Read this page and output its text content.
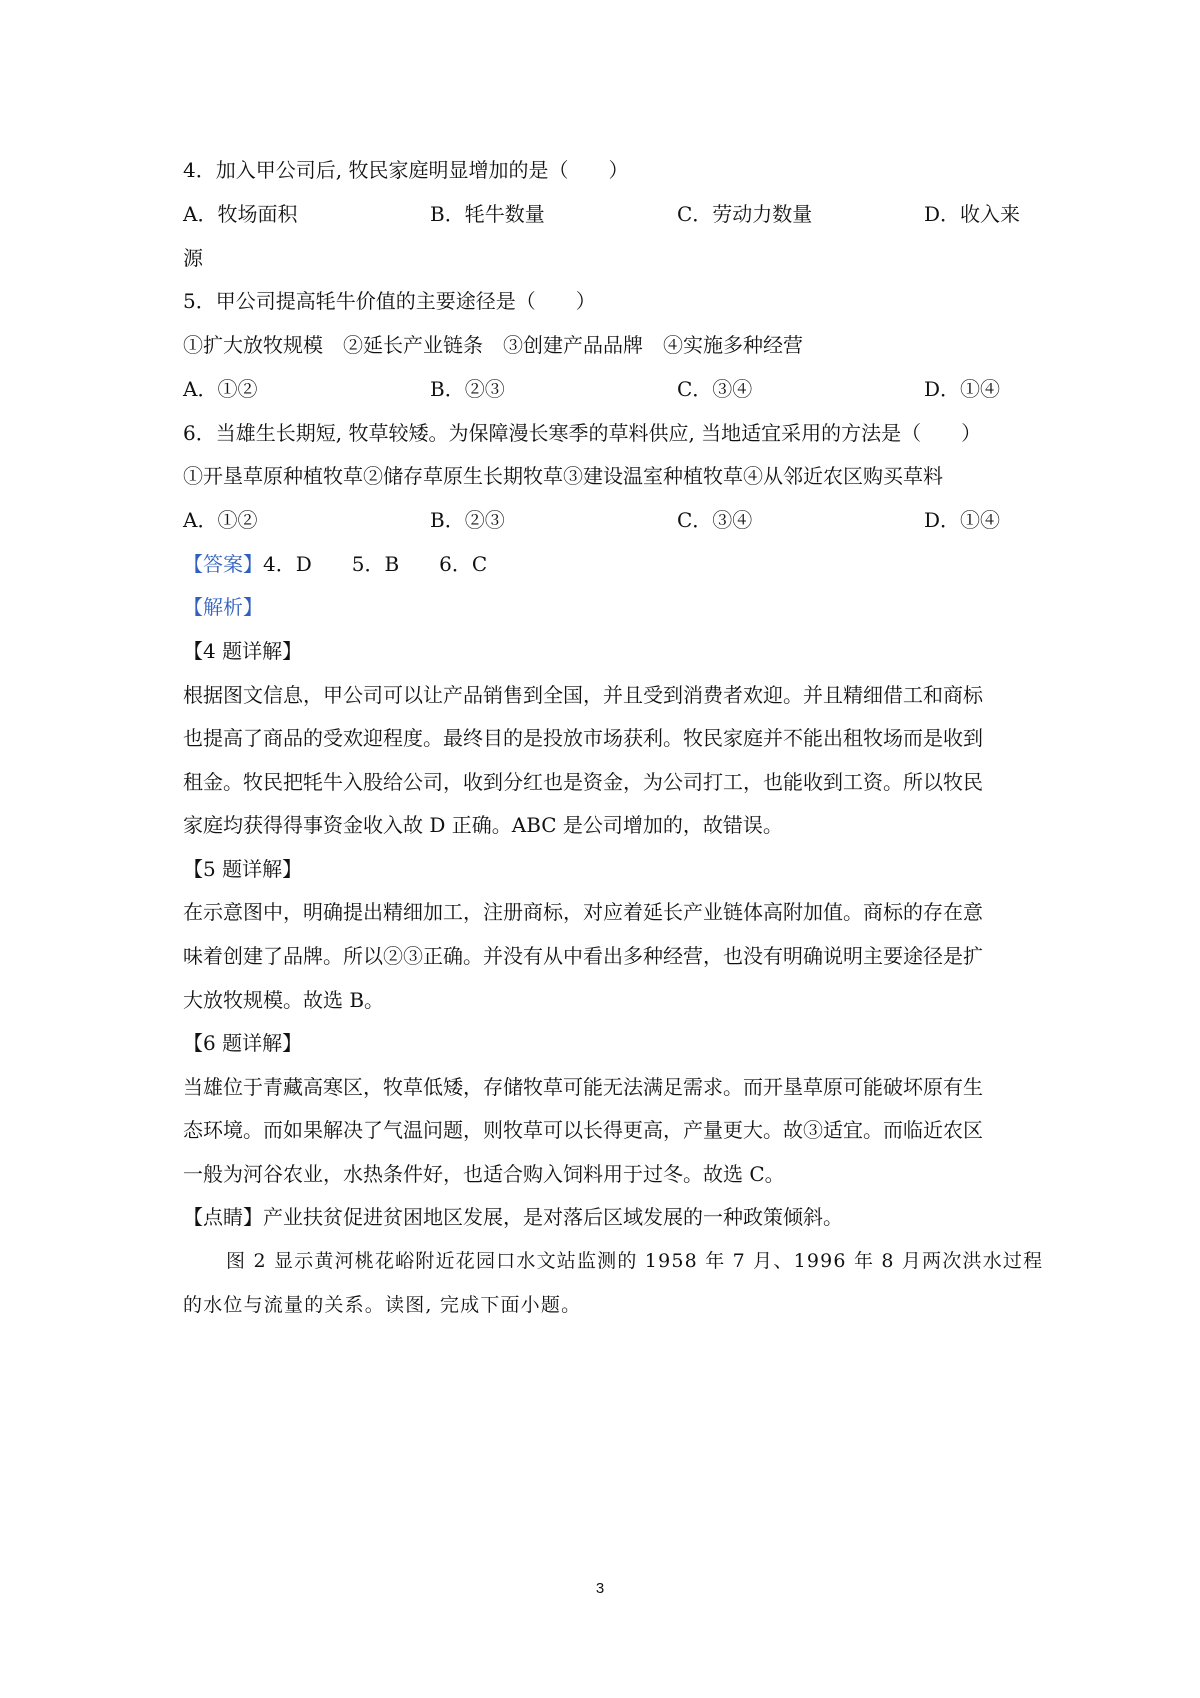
4．加入甲公司后, 牧民家庭明显增加的是（　　）
A．牧场面积	B．牦牛数量	C．劳动力数量	D．收入来
源
5．甲公司提高牦牛价值的主要途径是（　　）
①扩大放牧规模　②延长产业链条　③创建产品品牌　④实施多种经营
A．①②	B．②③	C．③④	D．①④
6．当雄生长期短, 牧草较矮。为保障漫长寒季的草料供应, 当地适宜采用的方法是（　　）
①开垦草原种植牧草②储存草原生长期牧草③建设温室种植牧草④从邻近农区购买草料
A．①②	B．②③	C．③④	D．①④
【答案】4．D　　5．B　　6．C
【解析】
【4 题详解】
根据图文信息，甲公司可以让产品销售到全国，并且受到消费者欢迎。并且精细借工和商标
也提高了商品的受欢迎程度。最终目的是投放市场获利。牧民家庭并不能出租牧场而是收到
租金。牧民把牦牛入股给公司，收到分红也是资金，为公司打工，也能收到工资。所以牧民
家庭均获得得事资金收入故 D 正确。ABC 是公司增加的，故错误。
【5 题详解】
在示意图中，明确提出精细加工，注册商标，对应着延长产业链体高附加值。商标的存在意
味着创建了品牌。所以②③正确。并没有从中看出多种经营，也没有明确说明主要途径是扩
大放牧规模。故选 B。
【6 题详解】
当雄位于青藏高寒区，牧草低矮，存储牧草可能无法满足需求。而开垦草原可能破坏原有生
态环境。而如果解决了气温问题，则牧草可以长得更高，产量更大。故③适宜。而临近农区
一般为河谷农业，水热条件好，也适合购入饲料用于过冬。故选 C。
【点睛】产业扶贫促进贫困地区发展，是对落后区域发展的一种政策倾斜。
图 2 显示黄河桃花峪附近花园口水文站监测的 1958 年 7 月、1996 年 8 月两次洪水过程
的水位与流量的关系。读图, 完成下面小题。
3
